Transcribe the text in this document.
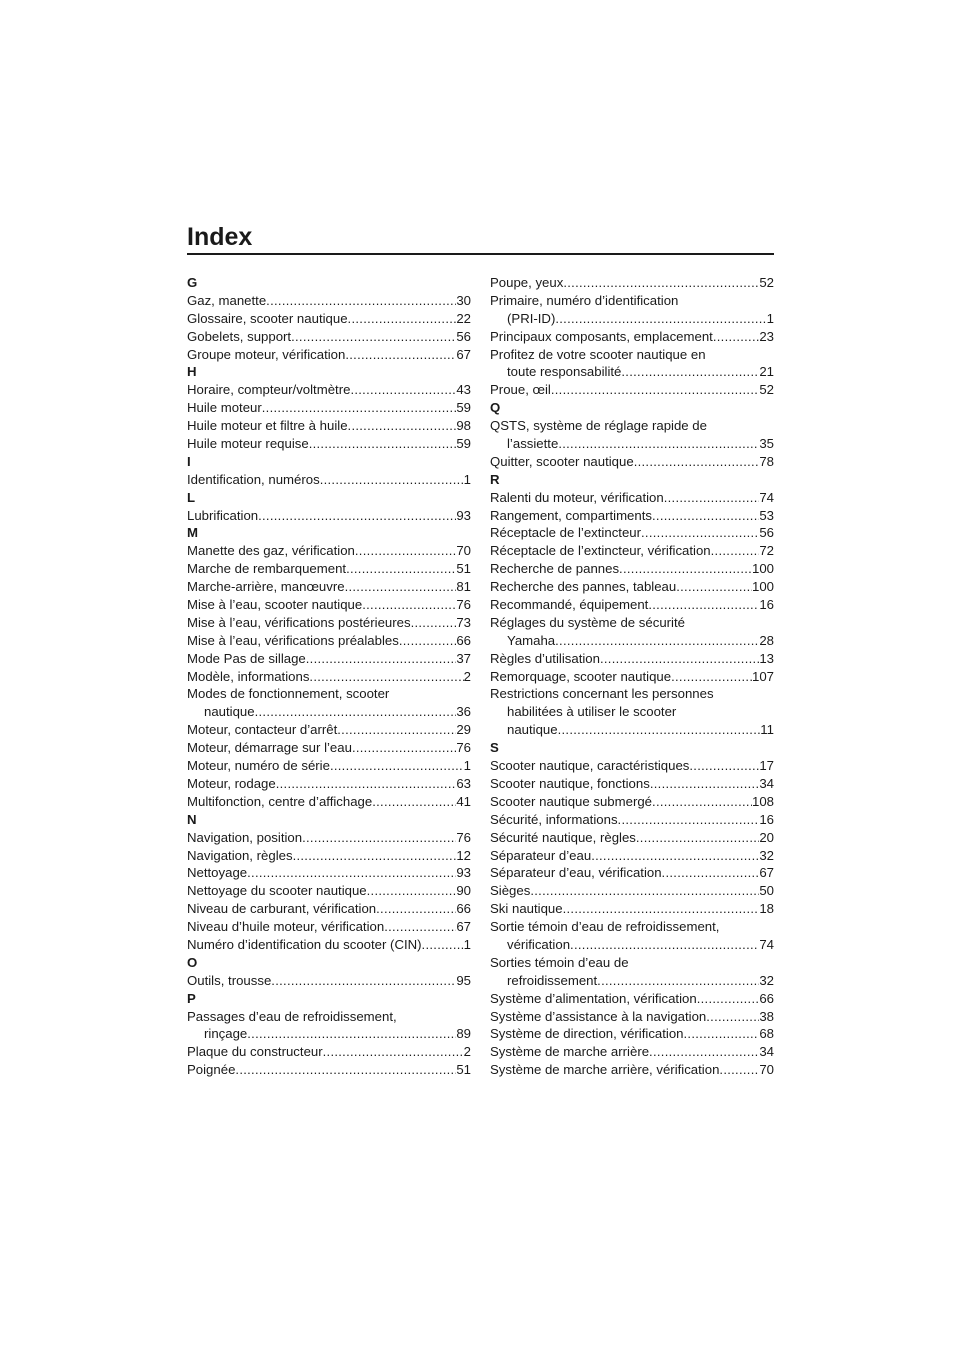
Index
G
Gaz, manette .....	30
Glossaire, scooter nautique .....	22
Gobelets, support .....	56
Groupe moteur, vérification .....	67
H
Horaire, compteur/voltmètre .....	43
Huile moteur .....	59
Huile moteur et filtre à huile .....	98
Huile moteur requise .....	59
I
Identification, numéros .....	1
L
Lubrification .....	93
M
Manette des gaz, vérification .....	70
Marche de rembarquement .....	51
Marche-arrière, manœuvre .....	81
Mise à l’eau, scooter nautique .....	76
Mise à l’eau, vérifications postérieures .....	73
Mise à l’eau, vérifications préalables .....	66
Mode Pas de sillage .....	37
Modèle, informations .....	2
Modes de fonctionnement, scooter
nautique .....	36
Moteur, contacteur d’arrêt .....	29
Moteur, démarrage sur l’eau .....	76
Moteur, numéro de série .....	1
Moteur, rodage .....	63
Multifonction, centre d’affichage .....	41
N
Navigation, position .....	76
Navigation, règles .....	12
Nettoyage .....	93
Nettoyage du scooter nautique .....	90
Niveau de carburant, vérification .....	66
Niveau d’huile moteur, vérification .....	67
Numéro d’identification du scooter (CIN) .....	1
O
Outils, trousse .....	95
P
Passages d’eau de refroidissement,
rinçage .....	89
Plaque du constructeur .....	2
Poignée .....	51
Poupe, yeux .....	52
Primaire, numéro d’identification
(PRI-ID) .....	1
Principaux composants, emplacement .....	23
Profitez de votre scooter nautique en
toute responsabilité .....	21
Proue, œil .....	52
Q
QSTS, système de réglage rapide de
l’assiette .....	35
Quitter, scooter nautique .....	78
R
Ralenti du moteur, vérification .....	74
Rangement, compartiments .....	53
Réceptacle de l’extincteur .....	56
Réceptacle de l’extincteur, vérification .....	72
Recherche de pannes .....	100
Recherche des pannes, tableau .....	100
Recommandé, équipement .....	16
Réglages du système de sécurité
Yamaha .....	28
Règles d’utilisation .....	13
Remorquage, scooter nautique .....	107
Restrictions concernant les personnes
habilitées à utiliser le scooter
nautique .....	11
S
Scooter nautique, caractéristiques .....	17
Scooter nautique, fonctions .....	34
Scooter nautique submergé .....	108
Sécurité, informations .....	16
Sécurité nautique, règles .....	20
Séparateur d’eau .....	32
Séparateur d’eau, vérification .....	67
Sièges .....	50
Ski nautique .....	18
Sortie témoin d’eau de refroidissement,
vérification .....	74
Sorties témoin d’eau de
refroidissement .....	32
Système d’alimentation, vérification .....	66
Système d’assistance à la navigation .....	38
Système de direction, vérification .....	68
Système de marche arrière .....	34
Système de marche arrière, vérification .....	70
